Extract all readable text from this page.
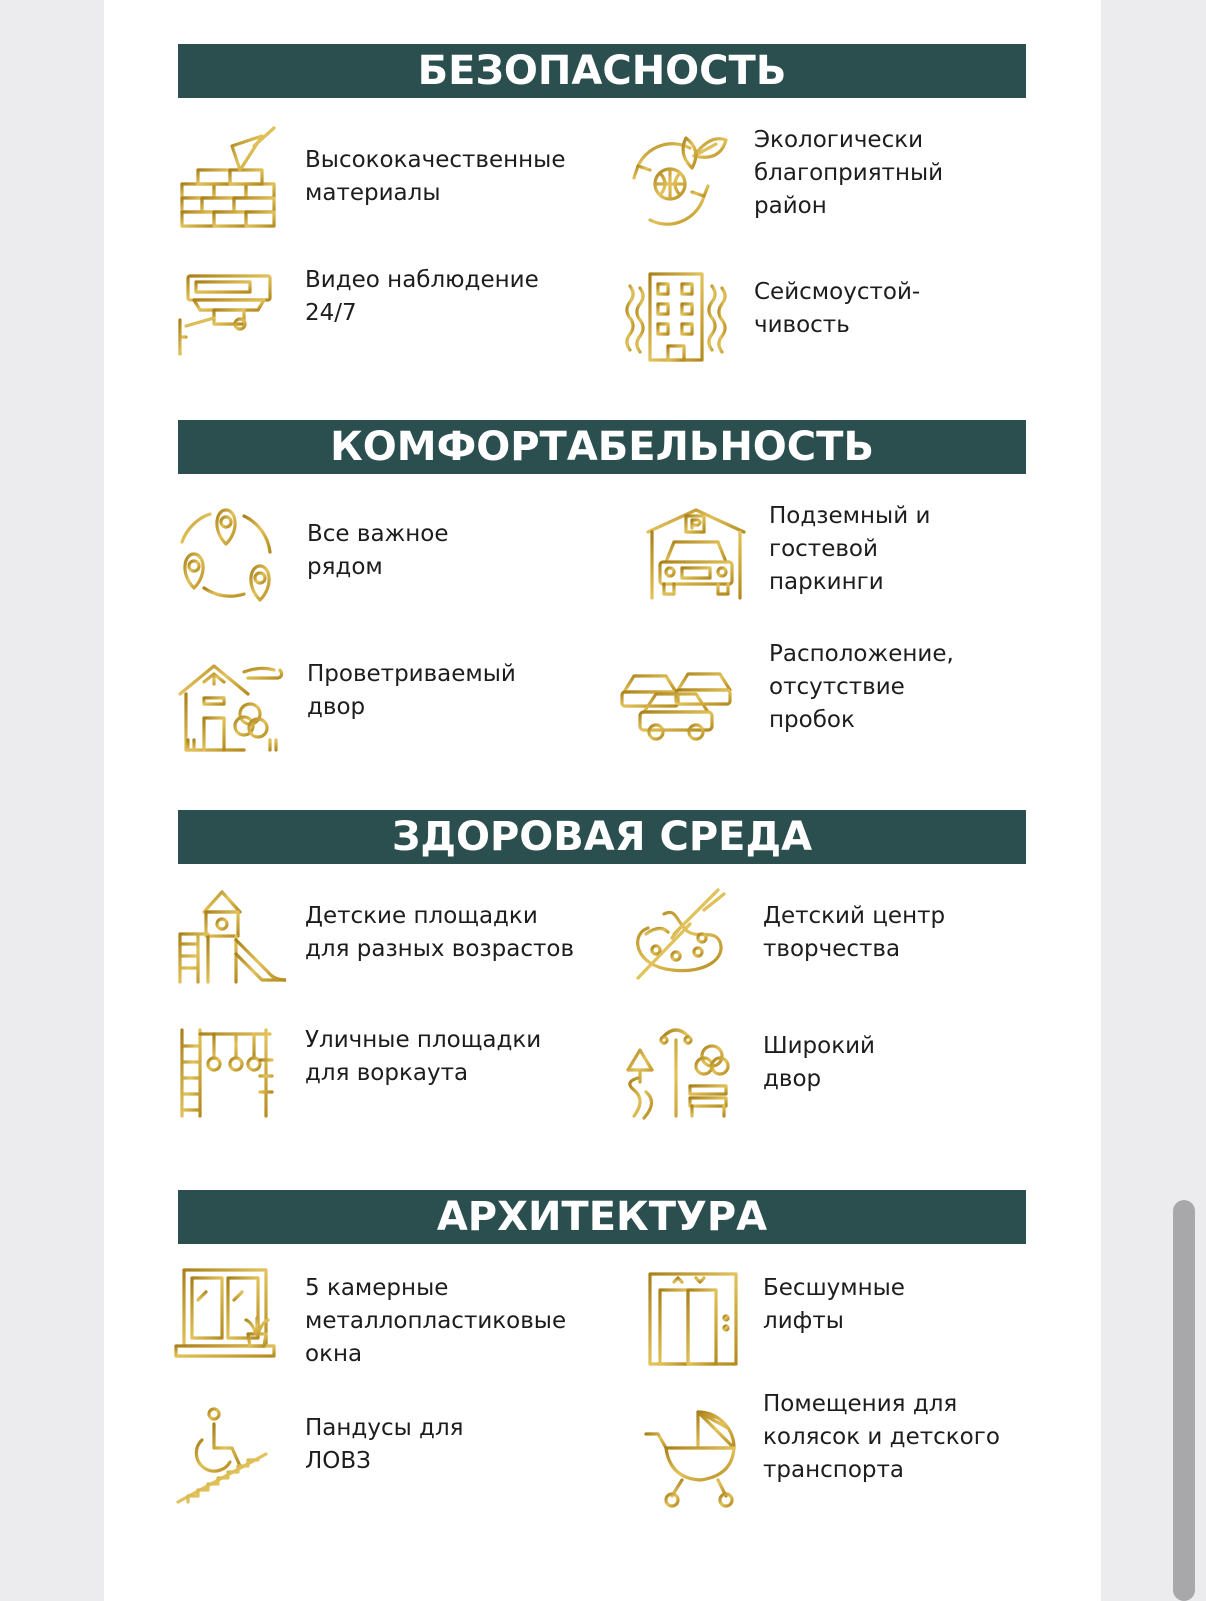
БЕЗОПАСНОСТЬ
КОМФОРТАБЕЛЬНОСТЬ
ЗДОРОВАЯ СРЕДА
АРХИТЕКТУРА
Высококачественные
материалы
Экологически
благоприятный
район
Видео наблюдение
24/7
Сейсмоустой-
чивость
Все важное
рядом
Подземный и
гостевой
паркинги
Проветриваемый
двор
Расположение,
отсутствие
пробок
Детские площадки
для разных возрастов
Детский центр
творчества
Уличные площадки
для воркаута
Широкий
двор
5 камерные
металлопластиковые
окна
Бесшумные
лифты
Пандусы для
ЛОВЗ
Помещения для
колясок и детского
транспорта
